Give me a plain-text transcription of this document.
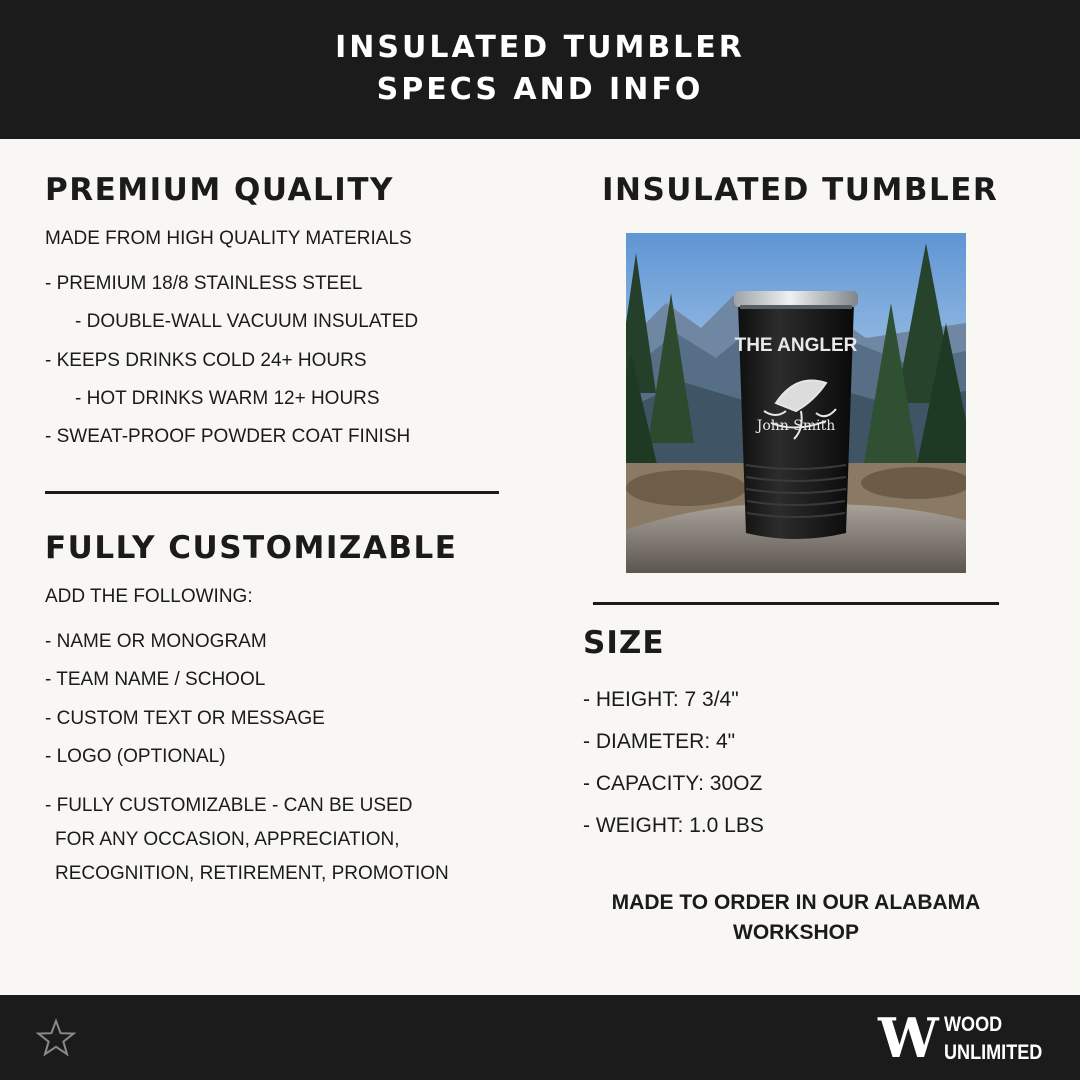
INSULATED TUMBLER
SPECS AND INFO
PREMIUM QUALITY
MADE FROM HIGH QUALITY MATERIALS
- PREMIUM 18/8 STAINLESS STEEL
- DOUBLE-WALL VACUUM INSULATED
- KEEPS DRINKS COLD 24+ HOURS
- HOT DRINKS WARM 12+ HOURS
- SWEAT-PROOF POWDER COAT FINISH
FULLY CUSTOMIZABLE
ADD THE FOLLOWING:
- NAME OR MONOGRAM
- TEAM NAME / SCHOOL
- CUSTOM TEXT OR MESSAGE
- LOGO (OPTIONAL)
- FULLY CUSTOMIZABLE - CAN BE USED
FOR ANY OCCASION, APPRECIATION,
RECOGNITION, RETIREMENT, PROMOTION
INSULATED TUMBLER
THE ANGLER
John Smith
SIZE
- HEIGHT: 7 3/4"
- DIAMETER: 4"
- CAPACITY: 30OZ
- WEIGHT: 1.0 LBS
MADE TO ORDER IN OUR ALABAMA
WORKSHOP
W WOOD
UNLIMITED
